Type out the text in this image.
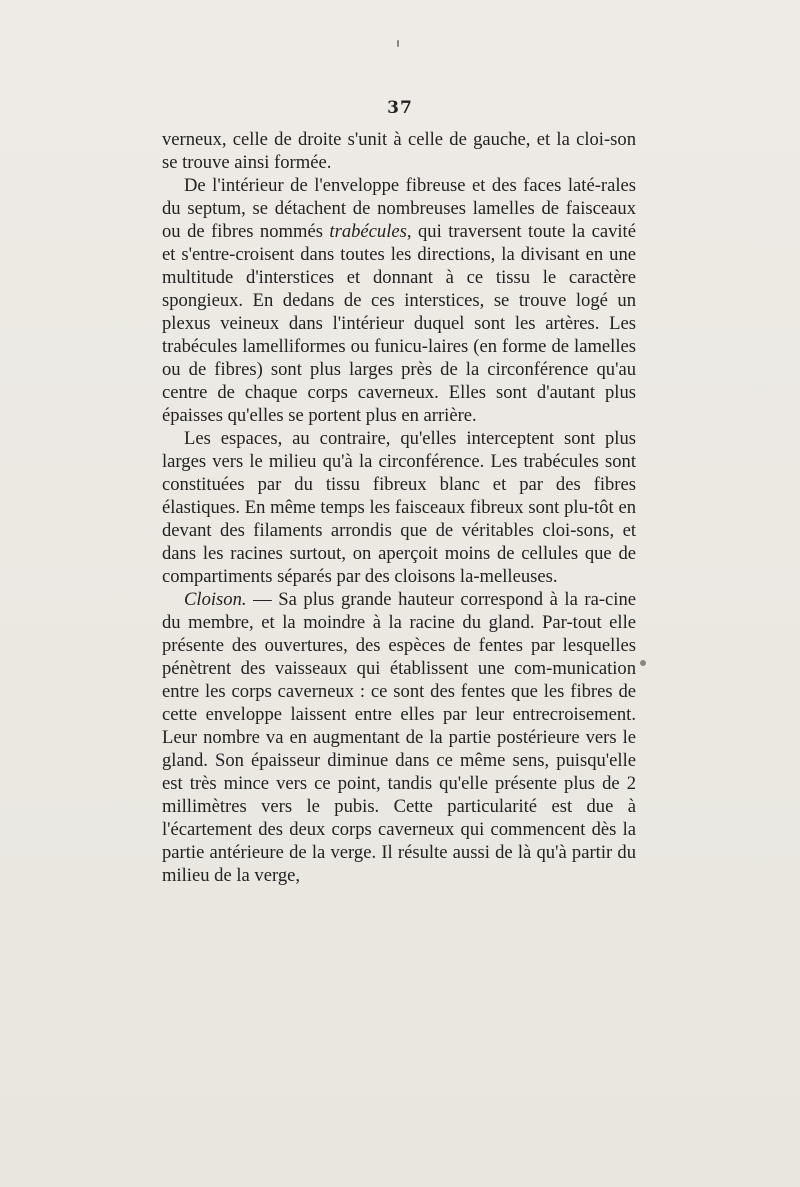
37

verneux, celle de droite s'unit à celle de gauche, et la cloi-son se trouve ainsi formée.

De l'intérieur de l'enveloppe fibreuse et des faces laté-rales du septum, se détachent de nombreuses lamelles de faisceaux ou de fibres nommés trabécules, qui traversent toute la cavité et s'entre-croisent dans toutes les directions, la divisant en une multitude d'interstices et donnant à ce tissu le caractère spongieux. En dedans de ces interstices, se trouve logé un plexus veineux dans l'intérieur duquel sont les artères. Les trabécules lamelliformes ou funicu-laires (en forme de lamelles ou de fibres) sont plus larges près de la circonférence qu'au centre de chaque corps caverneux. Elles sont d'autant plus épaisses qu'elles se portent plus en arrière.

Les espaces, au contraire, qu'elles interceptent sont plus larges vers le milieu qu'à la circonférence. Les trabécules sont constituées par du tissu fibreux blanc et par des fibres élastiques. En même temps les faisceaux fibreux sont plu-tôt en devant des filaments arrondis que de véritables cloi-sons, et dans les racines surtout, on aperçoit moins de cellules que de compartiments séparés par des cloisons la-melleuses.

Cloison. — Sa plus grande hauteur correspond à la ra-cine du membre, et la moindre à la racine du gland. Par-tout elle présente des ouvertures, des espèces de fentes par lesquelles pénètrent des vaisseaux qui établissent une com-munication entre les corps caverneux : ce sont des fentes que les fibres de cette enveloppe laissent entre elles par leur entrecroisement. Leur nombre va en augmentant de la partie postérieure vers le gland. Son épaisseur diminue dans ce même sens, puisqu'elle est très mince vers ce point, tandis qu'elle présente plus de 2 millimètres vers le pubis. Cette particularité est due à l'écartement des deux corps caverneux qui commencent dès la partie antérieure de la verge. Il résulte aussi de là qu'à partir du milieu de la verge,
